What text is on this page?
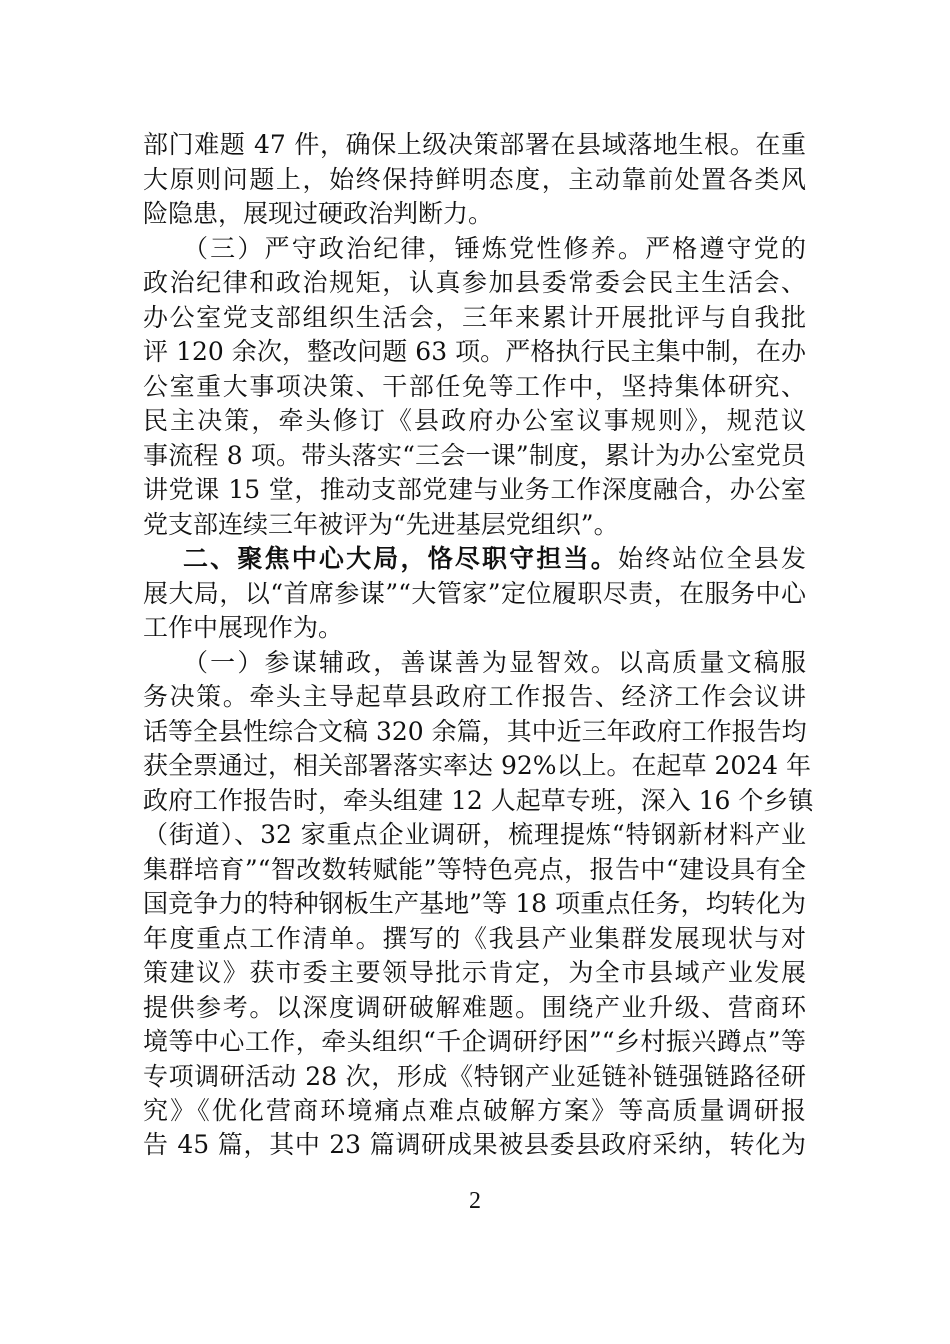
部门难题 47 件，确保上级决策部署在县域落地生根。在重
大原则问题上，始终保持鲜明态度，主动靠前处置各类风
险隐患，展现过硬政治判断力。
（三）严守政治纪律，锤炼党性修养。严格遵守党的
政治纪律和政治规矩，认真参加县委常委会民主生活会、
办公室党支部组织生活会，三年来累计开展批评与自我批
评 120 余次，整改问题 63 项。严格执行民主集中制，在办
公室重大事项决策、干部任免等工作中，坚持集体研究、
民主决策，牵头修订《县政府办公室议事规则》，规范议
事流程 8 项。带头落实“三会一课”制度，累计为办公室党员
讲党课 15 堂，推动支部党建与业务工作深度融合，办公室
党支部连续三年被评为“先进基层党组织”。
二、聚焦中心大局，恪尽职守担当。始终站位全县发
展大局，以“首席参谋”“大管家”定位履职尽责，在服务中心
工作中展现作为。
（一）参谋辅政，善谋善为显智效。以高质量文稿服
务决策。牵头主导起草县政府工作报告、经济工作会议讲
话等全县性综合文稿 320 余篇，其中近三年政府工作报告均
获全票通过，相关部署落实率达 92%以上。在起草 2024 年
政府工作报告时，牵头组建 12 人起草专班，深入 16 个乡镇
（街道）、32 家重点企业调研，梳理提炼“特钢新材料产业
集群培育”“智改数转赋能”等特色亮点，报告中“建设具有全
国竞争力的特种钢板生产基地”等 18 项重点任务，均转化为
年度重点工作清单。撰写的《我县产业集群发展现状与对
策建议》获市委主要领导批示肯定，为全市县域产业发展
提供参考。以深度调研破解难题。围绕产业升级、营商环
境等中心工作，牵头组织“千企调研纾困”“乡村振兴蹲点”等
专项调研活动 28 次，形成《特钢产业延链补链强链路径研
究》《优化营商环境痛点难点破解方案》等高质量调研报
告 45 篇，其中 23 篇调研成果被县委县政府采纳，转化为
2
